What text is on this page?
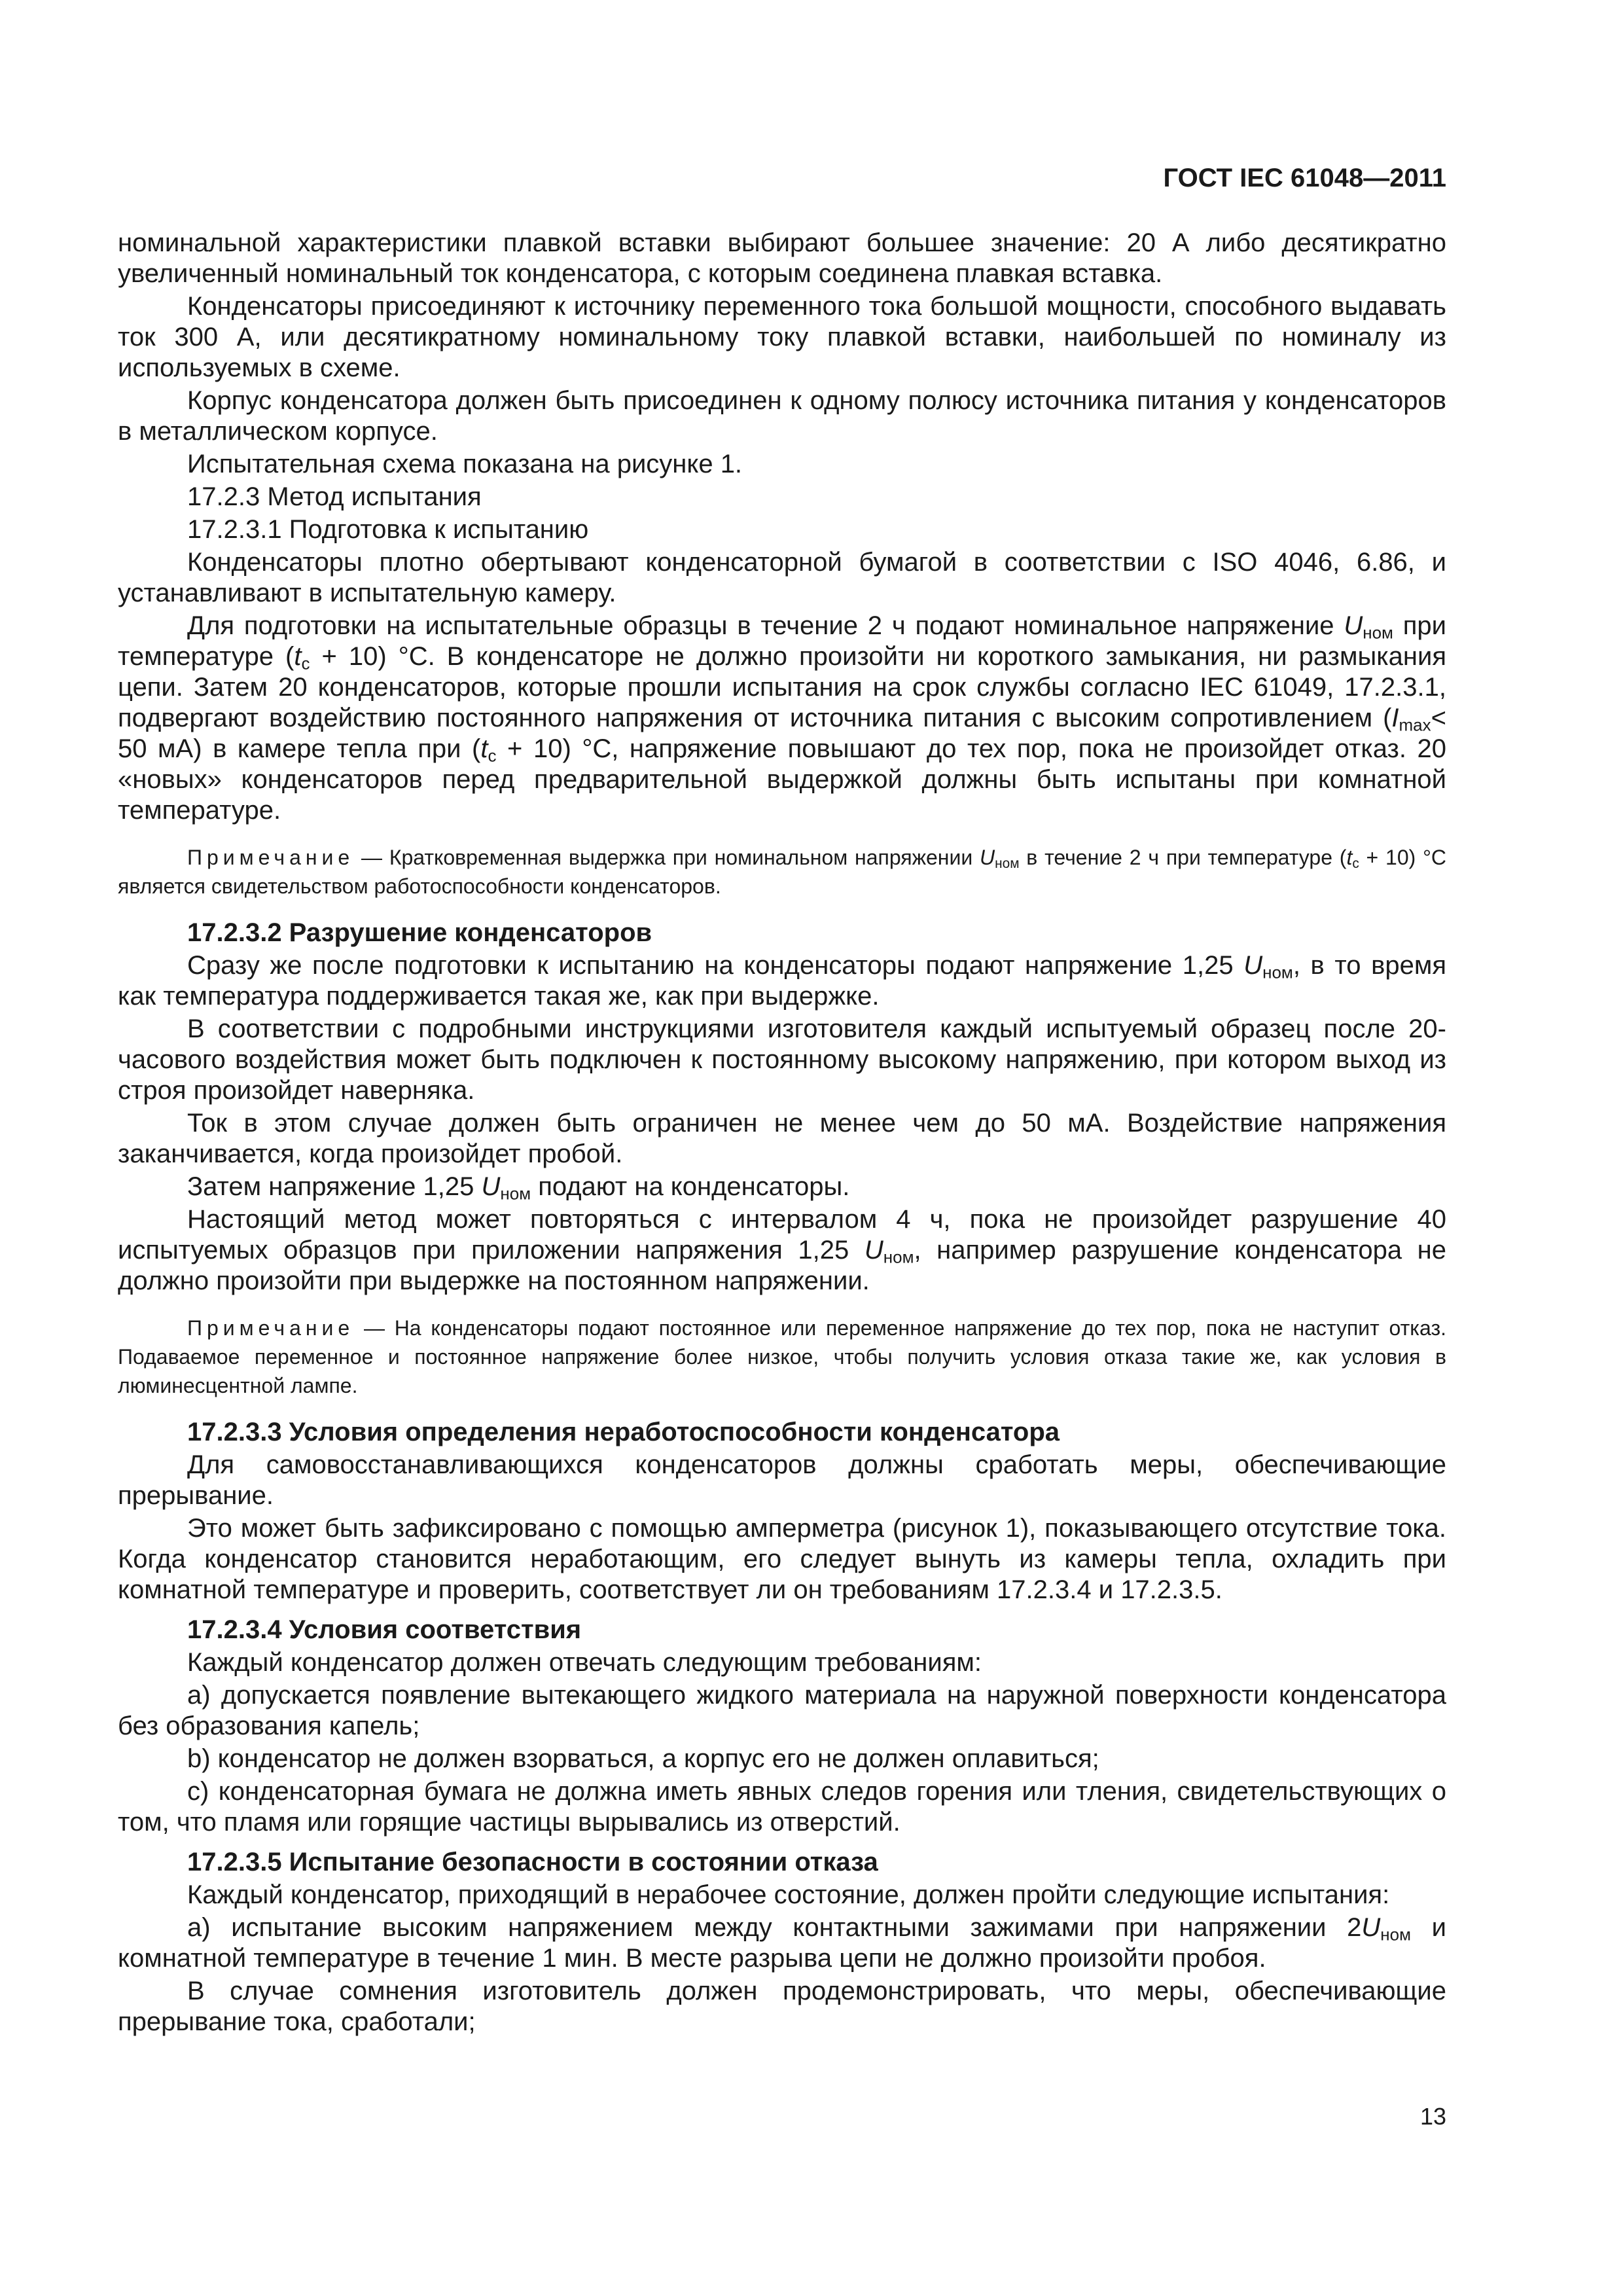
ГОСТ IEC 61048—2011

номинальной характеристики плавкой вставки выбирают большее значение: 20 А либо десятикратно увеличенный номинальный ток конденсатора, с которым соединена плавкая вставка.

Конденсаторы присоединяют к источнику переменного тока большой мощности, способного выдавать ток 300 А, или десятикратному номинальному току плавкой вставки, наибольшей по номиналу из используемых в схеме.

Корпус конденсатора должен быть присоединен к одному полюсу источника питания у конденсаторов в металлическом корпусе.

Испытательная схема показана на рисунке 1.

17.2.3 Метод испытания

17.2.3.1 Подготовка к испытанию

Конденсаторы плотно обертывают конденсаторной бумагой в соответствии с ISO 4046, 6.86, и устанавливают в испытательную камеру.

Для подготовки на испытательные образцы в течение 2 ч подают номинальное напряжение $U_{ном}$ при температуре $(t_c + 10)$ °С. В конденсаторе не должно произойти ни короткого замыкания, ни размыкания цепи. Затем 20 конденсаторов, которые прошли испытания на срок службы согласно IEC 61049, 17.2.3.1, подвергают воздействию постоянного напряжения от источника питания с высоким сопротивлением ($I_{max}< 50$ мА) в камере тепла при $(t_c + 10)$ °С, напряжение повышают до тех пор, пока не произойдет отказ. 20 «новых» конденсаторов перед предварительной выдержкой должны быть испытаны при комнатной температуре.

Примечание — Кратковременная выдержка при номинальном напряжении $U_{ном}$ в течение 2 ч при температуре $(t_c + 10)$ °С является свидетельством работоспособности конденсаторов.

17.2.3.2 Разрушение конденсаторов

Сразу же после подготовки к испытанию на конденсаторы подают напряжение 1,25 $U_{ном}$, в то время как температура поддерживается такая же, как при выдержке.

В соответствии с подробными инструкциями изготовителя каждый испытуемый образец после 20-часового воздействия может быть подключен к постоянному высокому напряжению, при котором выход из строя произойдет наверняка.

Ток в этом случае должен быть ограничен не менее чем до 50 мА. Воздействие напряжения заканчивается, когда произойдет пробой.

Затем напряжение 1,25 $U_{ном}$ подают на конденсаторы.

Настоящий метод может повторяться с интервалом 4 ч, пока не произойдет разрушение 40 испытуемых образцов при приложении напряжения 1,25 $U_{ном}$, например разрушение конденсатора не должно произойти при выдержке на постоянном напряжении.

Примечание — На конденсаторы подают постоянное или переменное напряжение до тех пор, пока не наступит отказ. Подаваемое переменное и постоянное напряжение более низкое, чтобы получить условия отказа такие же, как условия в люминесцентной лампе.

17.2.3.3 Условия определения неработоспособности конденсатора

Для самовосстанавливающихся конденсаторов должны сработать меры, обеспечивающие прерывание.

Это может быть зафиксировано с помощью амперметра (рисунок 1), показывающего отсутствие тока. Когда конденсатор становится неработающим, его следует вынуть из камеры тепла, охладить при комнатной температуре и проверить, соответствует ли он требованиям 17.2.3.4 и 17.2.3.5.

17.2.3.4 Условия соответствия

Каждый конденсатор должен отвечать следующим требованиям:

a) допускается появление вытекающего жидкого материала на наружной поверхности конденсатора без образования капель;

b) конденсатор не должен взорваться, а корпус его не должен оплавиться;

c) конденсаторная бумага не должна иметь явных следов горения или тления, свидетельствующих о том, что пламя или горящие частицы вырывались из отверстий.

17.2.3.5 Испытание безопасности в состоянии отказа

Каждый конденсатор, приходящий в нерабочее состояние, должен пройти следующие испытания:

a) испытание высоким напряжением между контактными зажимами при напряжении $2U_{ном}$ и комнатной температуре в течение 1 мин. В месте разрыва цепи не должно произойти пробоя.

В случае сомнения изготовитель должен продемонстрировать, что меры, обеспечивающие прерывание тока, сработали;

13
